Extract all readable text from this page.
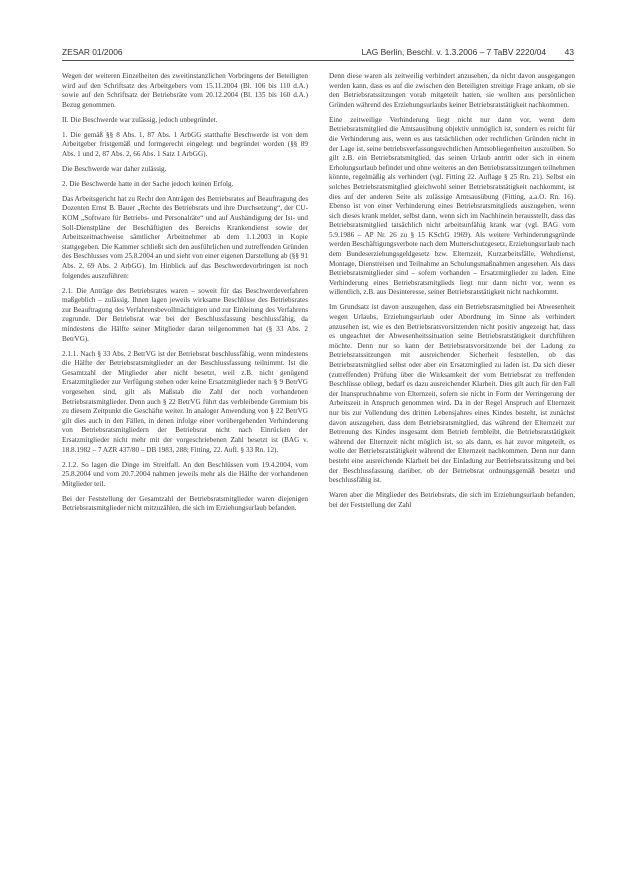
ZESAR 01/2006	LAG Berlin, Beschl. v. 1.3.2006 – 7 TaBV 2220/04 43

Wegen der weiteren Einzelheiten des zweitinstanzlichen Vorbringens der Beteiligten wird auf den Schriftsatz des Arbeitgebers vom 15.11.2004 (Bl. 106 bis 110 d.A.) sowie auf den Schriftsatz der Betriebsräte vom 20.12.2004 (Bl. 135 bis 160 d.A.) Bezug genommen.

II. Die Beschwerde war zulässig, jedoch unbegründet.

1. Die gemäß §§ 8 Abs. 1, 87 Abs. 1 ArbGG statthafte Beschwerde ist von dem Arbeitgeber fristgemäß und formgerecht eingelegt und begründet worden (§§ 89 Abs. 1 und 2, 87 Abs. 2, 66 Abs. 1 Satz 1 ArbGG).

Die Beschwerde war daher zulässig.

2. Die Beschwerde hatte in der Sache jedoch keinen Erfolg.

Das Arbeitsgericht hat zu Recht den Anträgen des Betriebsrates auf Beauftragung des Dozenten Ernst B. Bauer „Rechte des Betriebsrats und ihre Durchsetzung“, der CU-KOM „Software für Betriebs- und Personalräte“ und auf Aushändigung der Ist- und Soll-Dienstpläne der Beschäftigten des Bereichs Krankendienst sowie der Arbeitszeitnachweise sämtlicher Arbeitnehmer ab dem 1.1.2003 in Kopie stattgegeben. Die Kammer schließt sich den ausführlichen und zutreffenden Gründen des Beschlusses vom 25.8.2004 an und sieht von einer eigenen Darstellung ab (§§ 91 Abs. 2, 69 Abs. 2 ArbGG). Im Hinblick auf das Beschwerdevorbringen ist noch folgendes auszuführen:

2.1. Die Anträge des Betriebsrates waren – soweit für das Beschwerdeverfahren maßgeblich – zulässig. Ihnen lagen jeweils wirksame Beschlüsse des Betriebsrates zur Beauftragung des Verfahrensbevollmächtigten und zur Einleitung des Verfahrens zugrunde. Der Betriebsrat war bei der Beschlussfassung beschlussfähig, da mindestens die Hälfte seiner Mitglieder daran teilgenommen hat (§ 33 Abs. 2 BetrVG).

2.1.1. Nach § 33 Abs. 2 BetrVG ist der Betriebsrat beschlussfähig, wenn mindestens die Hälfte der Betriebsratsmitglieder an der Beschlussfassung teilnimmt. Ist die Gesamtzahl der Mitglieder aber nicht besetzt, weil z.B. nicht genügend Ersatzmitglieder zur Verfügung stehen oder keine Ersatzmitglieder nach § 9 BetrVG vorgesehen sind, gilt als Maßstab die Zahl der noch vorhandenen Betriebsratsmitglieder. Denn auch § 22 BetrVG führt das verbleibende Gremium bis zu diesem Zeitpunkt die Geschäfte weiter. In analoger Anwendung von § 22 BetrVG gilt dies auch in den Fällen, in denen infolge einer vorübergehenden Verhinderung von Betriebsratsmitgliedern der Betriebsrat nicht nach Einrücken der Ersatzmitglieder nicht mehr mit der vorgeschriebenen Zahl besetzt ist (BAG v. 18.8.1982 – 7 AZR 437/80 – DB 1983, 288; Fitting, 22. Aufl. § 33 Rn. 12).

2.1.2. So lagen die Dinge im Streitfall. An den Beschlüssen vom 19.4.2004, vom 25.8.2004 und vom 20.7.2004 nahmen jeweils mehr als die Hälfte der vorhandenen Mitglieder teil.

Bei der Feststellung der Gesamtzahl der Betriebsratsmitglieder waren diejenigen Betriebsratsmitglieder nicht mitzuzählen, die sich im Erziehungsurlaub befanden.

Denn diese waren als zeitweilig verhindert anzusehen, da nicht davon ausgegangen werden kann, dass es auf die zwischen den Beteiligten streitige Frage ankam, ob sie den Betriebsratssitzungen vorab mitgeteilt hatten, sie wollten aus persönlichen Gründen während des Erziehungsurlaubs keiner Betriebsratstätigkeit nachkommen.

Eine zeitweilige Verhinderung liegt nicht nur dann vor, wenn dem Betriebsratsmitglied die Amtsausübung objektiv unmöglich ist, sondern es reicht für die Verhinderung aus, wenn es aus tatsächlichen oder rechtlichen Gründen nicht in der Lage ist, seine betriebsverfassungsrechtlichen Amtsobliegenheiten auszuüben. So gilt z.B. ein Betriebsratsmitglied, das seinen Urlaub antritt oder sich in einem Erholungsurlaub befindet und ohne weiteres an den Betriebsratssitzungen teilnehmen könnte, regelmäßig als verhindert (vgl. Fitting 22. Auflage § 25 Rn. 21). Selbst ein solches Betriebsratsmitglied gleichwohl seiner Betriebsratstätigkeit nachkommt, ist dies auf der anderen Seite als zulässige Amtsausübung (Fitting, a.a.O. Rn. 16). Ebenso ist von einer Verhinderung eines Betriebsratsmitglieds auszugehen, wenn sich dieses krank meldet, selbst dann, wenn sich im Nachhinein herausstellt, dass das Betriebsratsmitglied tatsächlich nicht arbeitsunfähig krank war (vgl. BAG vom 5.9.1986 – AP Nr. 26 zu § 15 KSchG 1969). Als weitere Verhinderungsgründe werden Beschäftigungsverbote nach dem Mutterschutzgesetz, Erziehungsurlaub nach dem Bundeserziehungsgeldgesetz bzw. Elternzeit, Kurzarbeitsfälle, Wehrdienst, Montage, Dienstreisen und Teilnahme an Schulungsmaßnahmen angesehen. Als dass Betriebsratsmitglieder sind – sofern vorhanden – Ersatzmitglieder zu laden. Eine Verhinderung eines Betriebsratsmitglieds liegt nur dann nicht vor, wenn es willentlich, z.B. aus Desinteresse, seiner Betriebsratstätigkeit nicht nachkommt.

Im Grundsatz ist davon auszugehen, dass ein Betriebsratsmitglied bei Abwesenheit wegen Urlaubs, Erziehungsurlaub oder Abordnung im Sinne als verhindert anzusehen ist, wie es den Betriebsratsvorsitzenden nicht positiv angezeigt hat, dass es ungeachtet der Abwesenheitssituation seine Betriebsratstätigkeit durchführen möchte. Denn nur so kann der Betriebsratsvorsitzende bei der Ladung zu Betriebsratssitzungen mit ausreichender Sicherheit feststellen, ob das Betriebsratsmitglied selbst oder aber ein Ersatzmitglied zu laden ist. Da sich dieser (zutreffenden) Prüfung über die Wirksamkeit der vom Betriebsrat zu treffenden Beschlüsse obliegt, bedarf es dazu ausreichender Klarheit. Dies gilt auch für den Fall der Inanspruchnahme von Elternzeit, sofern sie nicht in Form der Verringerung der Arbeitszeit in Anspruch genommen wird. Da in der Regel Anspruch auf Elternzeit nur bis zur Vollendung des dritten Lebensjahres eines Kindes besteht, ist zunächst davon auszugehen, dass dem Betriebsratsmitglied, das während der Elternzeit zur Betreuung des Kindes insgesamt dem Betrieb fernbleibt, die Betriebsratstätigkeit während der Elternzeit nicht möglich ist, so als dann, es hat zuvor mitgeteilt, es wolle der Betriebsratstätigkeit während der Elternzeit nachkommen. Denn nur dann besteht eine ausreichende Klarheit bei der Einladung zur Betriebsratssitzung und bei der Beschlussfassung darüber, ob der Betriebsrat ordnungsgemäß besetzt und beschlussfähig ist.

Waren aber die Mitglieder des Betriebsrats, die sich im Erziehungsurlaub befanden, bei der Feststellung der Zahl
